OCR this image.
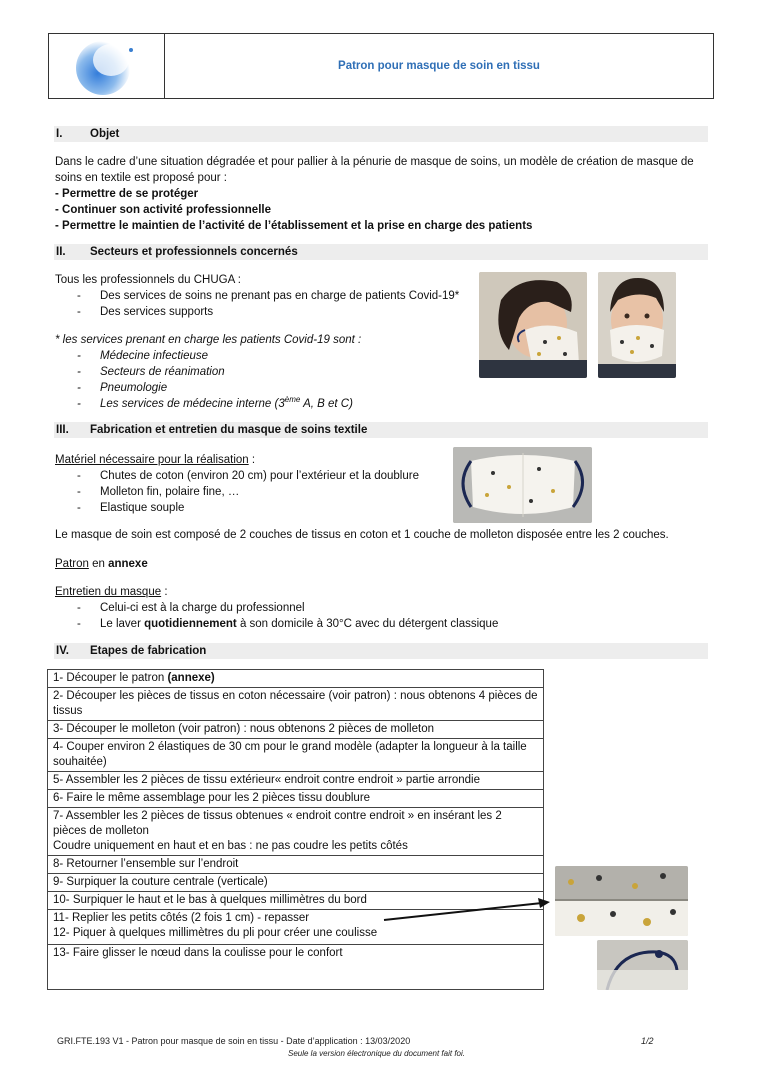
Patron pour masque de soin en tissu
I. Objet
Dans le cadre d’une situation dégradée et pour pallier à la pénurie de masque de soins, un modèle de création de masque de soins en textile est proposé pour :
- Permettre de se protéger
- Continuer son activité professionnelle
- Permettre le maintien de l’activité de l’établissement et la prise en charge des patients
II. Secteurs et professionnels concernés
Tous les professionnels du CHUGA :
- Des services de soins ne prenant pas en charge de patients Covid-19*
- Des services supports
* les services prenant en charge les patients Covid-19 sont :
- Médecine infectieuse
- Secteurs de réanimation
- Pneumologie
- Les services de médecine interne (3ème A, B et C)
III. Fabrication et entretien du masque de soins textile
Matériel nécessaire pour la réalisation :
- Chutes de coton (environ 20 cm) pour l’extérieur et la doublure
- Molleton fin, polaire fine, …
- Elastique souple
Le masque de soin est composé de 2 couches de tissus en coton et 1 couche de molleton disposée entre les 2 couches.
Patron en annexe
Entretien du masque :
- Celui-ci est à la charge du professionnel
- Le laver quotidiennement à son domicile à 30°C avec du détergent classique
IV. Etapes de fabrication
1- Découper le patron (annexe)
2- Découper les pièces de tissus en coton nécessaire (voir patron) : nous obtenons 4 pièces de tissus
3- Découper le molleton (voir patron) : nous obtenons 2 pièces de molleton
4- Couper environ 2 élastiques de 30 cm pour le grand modèle (adapter la longueur à la taille souhaitée)
5- Assembler les 2 pièces de tissu extérieur« endroit contre endroit » partie arrondie
6- Faire le même assemblage pour les 2 pièces tissu doublure

7- Assembler les 2 pièces de tissus obtenues « endroit contre endroit » en insérant les 2 pièces de molleton
Coudre uniquement en haut et en bas : ne pas coudre les petits côtés

8- Retourner l’ensemble sur l’endroit
9- Surpiquer la couture centrale (verticale)
10- Surpiquer le haut et le bas à quelques millimètres du bord

11- Replier les petits côtés (2 fois 1 cm) - repasser
12- Piquer à quelques millimètres du pli pour créer une coulisse

13- Faire glisser le nœud dans la coulisse pour le confort
GRI.FTE.193 V1 - Patron pour masque de soin en tissu - Date d’application : 13/03/2020	1/2
Seule la version électronique du document fait foi.
